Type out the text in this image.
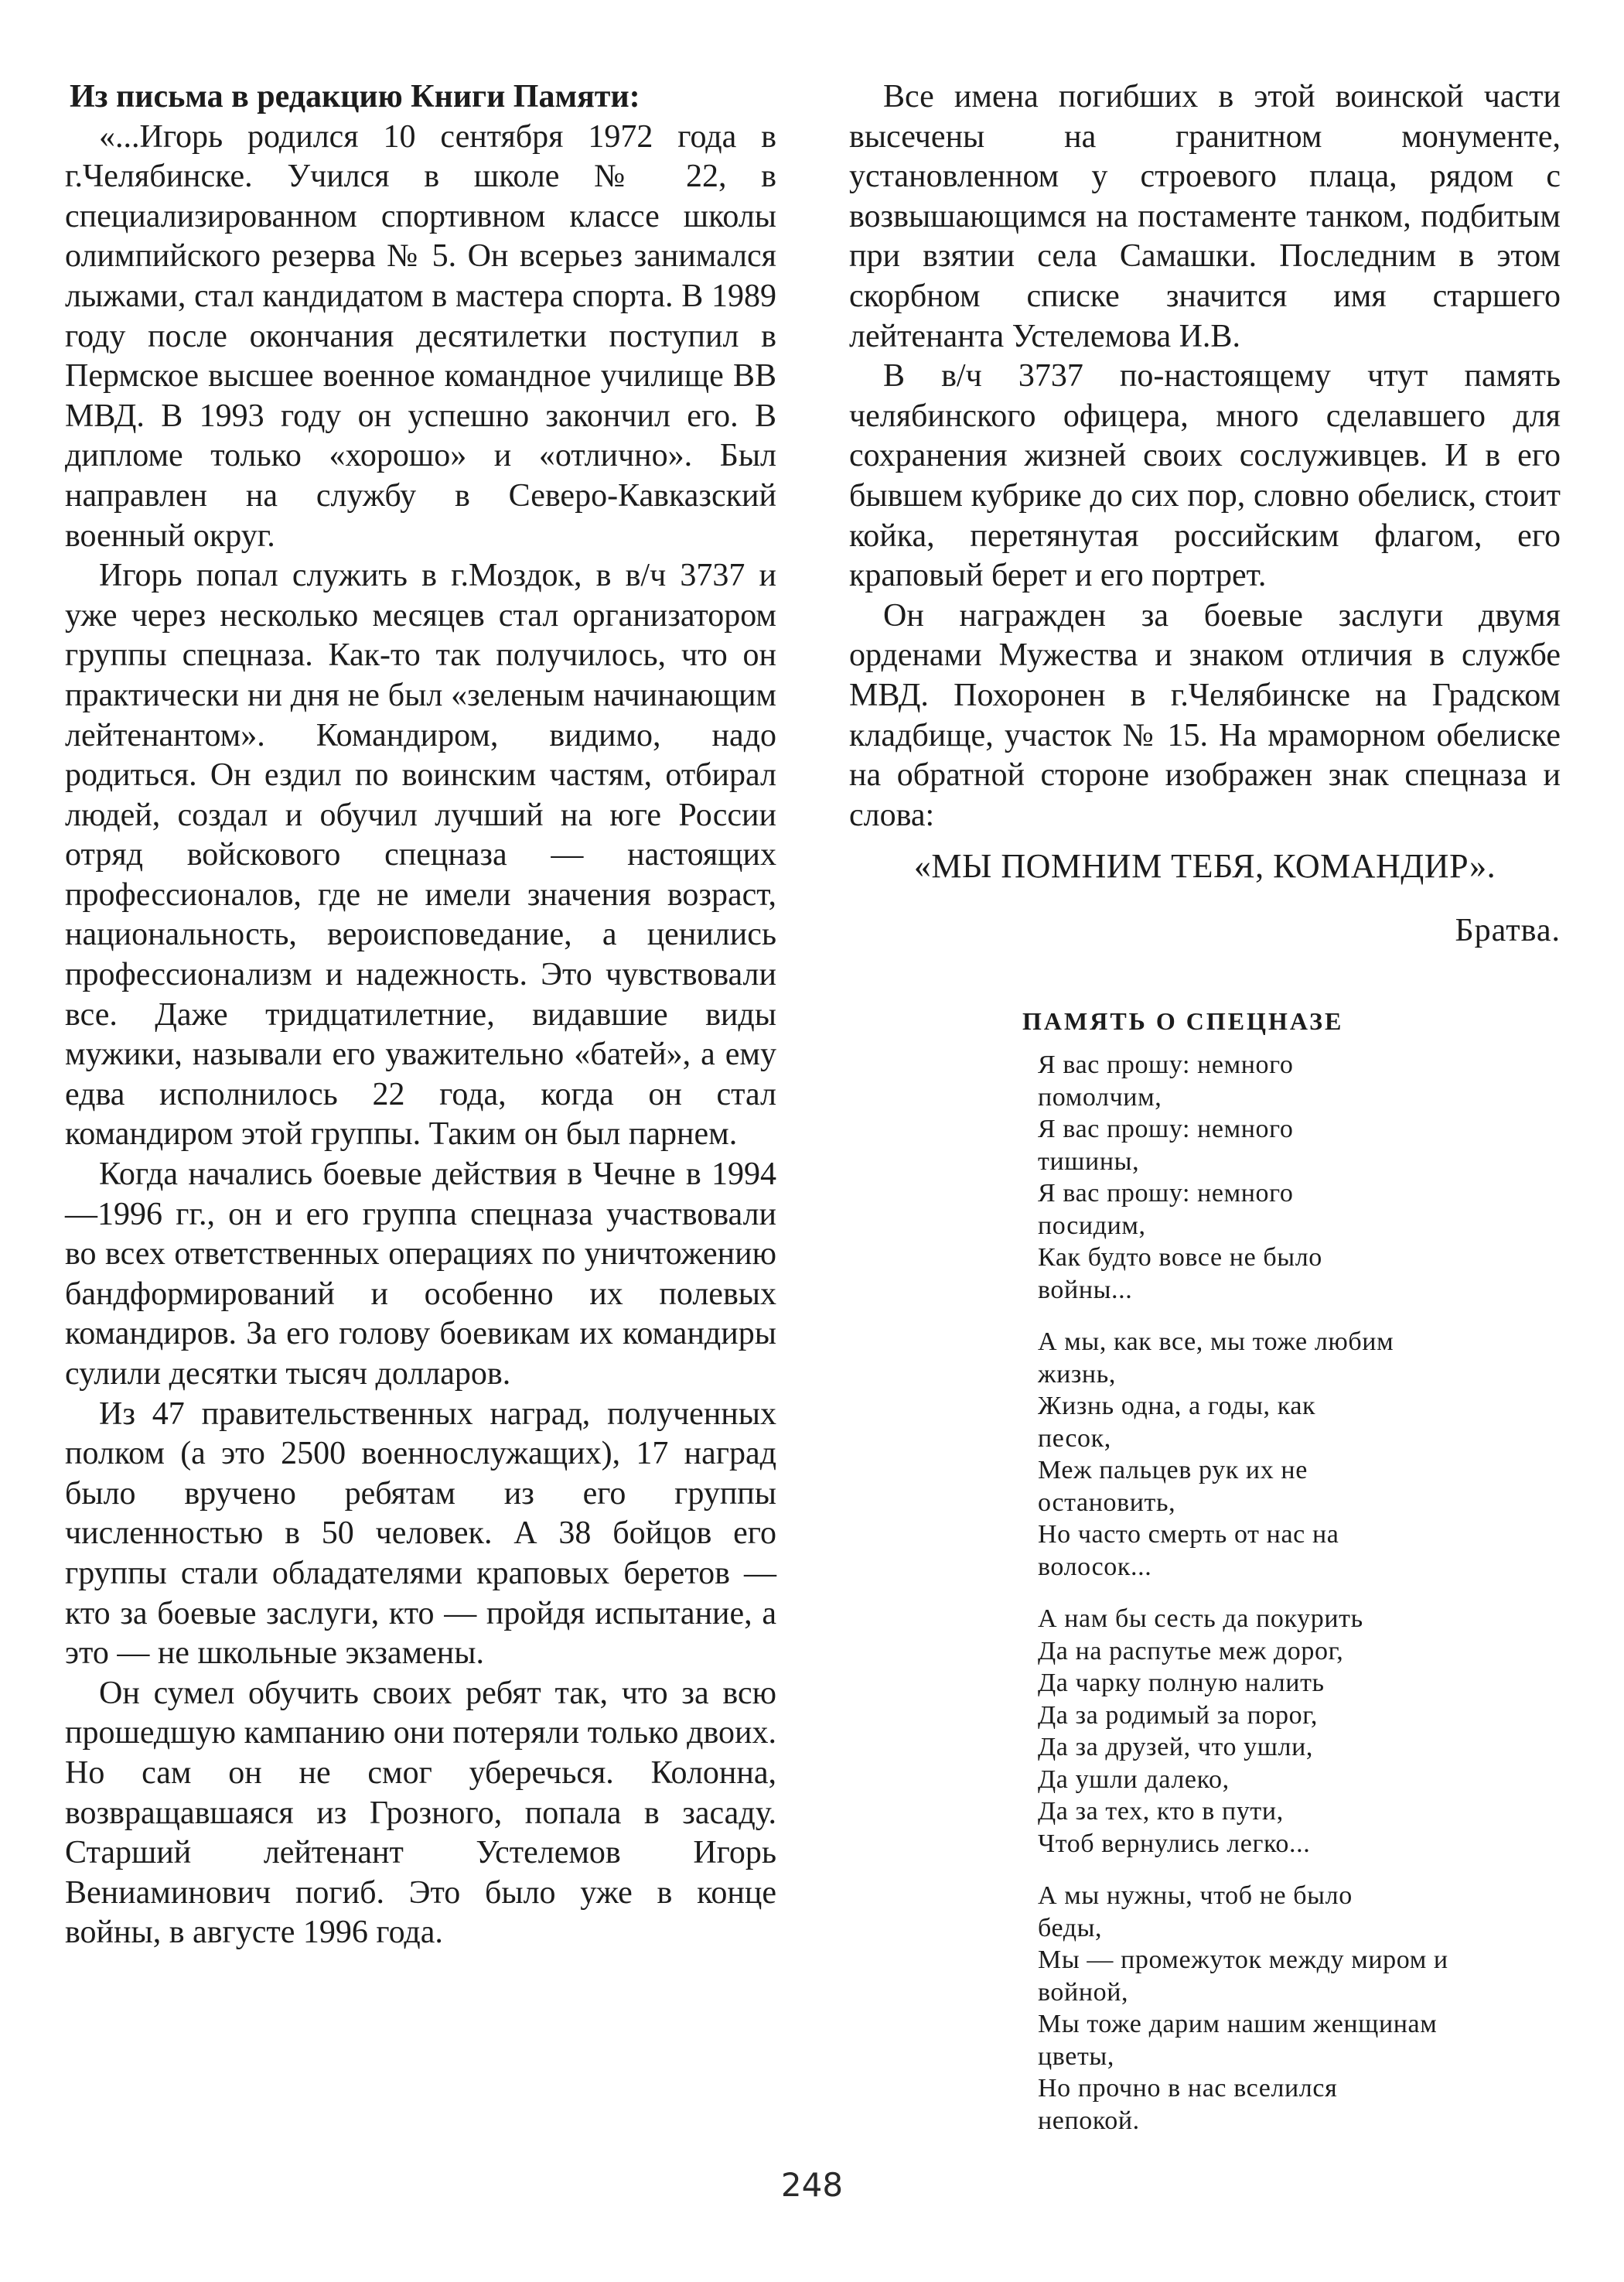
Из письма в редакцию Книги Памяти:

«...Игорь родился 10 сентября 1972 года в г.Челябинске. Учился в школе № 22, в специализированном спортивном классе школы олимпийского резерва № 5. Он всерьез занимался лыжами, стал кандидатом в мастера спорта. В 1989 году после окончания десятилетки поступил в Пермское высшее военное командное училище ВВ МВД. В 1993 году он успешно закончил его. В дипломе только «хорошо» и «отлично». Был направлен на службу в Северо-Кавказский военный округ.

Игорь попал служить в г.Моздок, в в/ч 3737 и уже через несколько месяцев стал организатором группы спецназа. Как-то так получилось, что он практически ни дня не был «зеленым начинающим лейтенантом». Командиром, видимо, надо родиться. Он ездил по воинским частям, отбирал людей, создал и обучил лучший на юге России отряд войскового спецназа — настоящих профессионалов, где не имели значения возраст, национальность, вероисповедание, а ценились профессионализм и надежность. Это чувствовали все. Даже тридцатилетние, видавшие виды мужики, называли его уважительно «батей», а ему едва исполнилось 22 года, когда он стал командиром этой группы. Таким он был парнем.

Когда начались боевые действия в Чечне в 1994—1996 гг., он и его группа спецназа участвовали во всех ответственных операциях по уничтожению бандформирований и особенно их полевых командиров. За его голову боевикам их командиры сулили десятки тысяч долларов.

Из 47 правительственных наград, полученных полком (а это 2500 военнослужащих), 17 наград было вручено ребятам из его группы численностью в 50 человек. А 38 бойцов его группы стали обладателями краповых беретов — кто за боевые заслуги, кто — пройдя испытание, а это — не школьные экзамены.

Он сумел обучить своих ребят так, что за всю прошедшую кампанию они потеряли только двоих. Но сам он не смог уберечься. Колонна, возвращавшаяся из Грозного, попала в засаду. Старший лейтенант Устелемов Игорь Вениаминович погиб. Это было уже в конце войны, в августе 1996 года.

Все имена погибших в этой воинской части высечены на гранитном монументе, установленном у строевого плаца, рядом с возвышающимся на постаменте танком, подбитым при взятии села Самашки. Последним в этом скорбном списке значится имя старшего лейтенанта Устелемова И.В.

В в/ч 3737 по-настоящему чтут память челябинского офицера, много сделавшего для сохранения жизней своих сослуживцев. И в его бывшем кубрике до сих пор, словно обелиск, стоит койка, перетянутая российским флагом, его краповый берет и его портрет.

Он награжден за боевые заслуги двумя орденами Мужества и знаком отличия в службе МВД. Похоронен в г.Челябинске на Градском кладбище, участок № 15. На мраморном обелиске на обратной стороне изображен знак спецназа и слова:

«МЫ ПОМНИМ ТЕБЯ, КОМАНДИР».
Братва.
ПАМЯТЬ О СПЕЦНАЗЕ
Я вас прошу: немного
помолчим,
Я вас прошу: немного
тишины,
Я вас прошу: немного
посидим,
Как будто вовсе не было
войны...
А мы, как все, мы тоже любим
жизнь,
Жизнь одна, а годы, как
песок,
Меж пальцев рук их не
остановить,
Но часто смерть от нас на
волосок...
А нам бы сесть да покурить
Да на распутье меж дорог,
Да чарку полную налить
Да за родимый за порог,
Да за друзей, что ушли,
Да ушли далеко,
Да за тех, кто в пути,
Чтоб вернулись легко...
А мы нужны, чтоб не было
беды,
Мы — промежуток между миром и
войной,
Мы тоже дарим нашим женщинам
цветы,
Но прочно в нас вселился
непокой.
248
